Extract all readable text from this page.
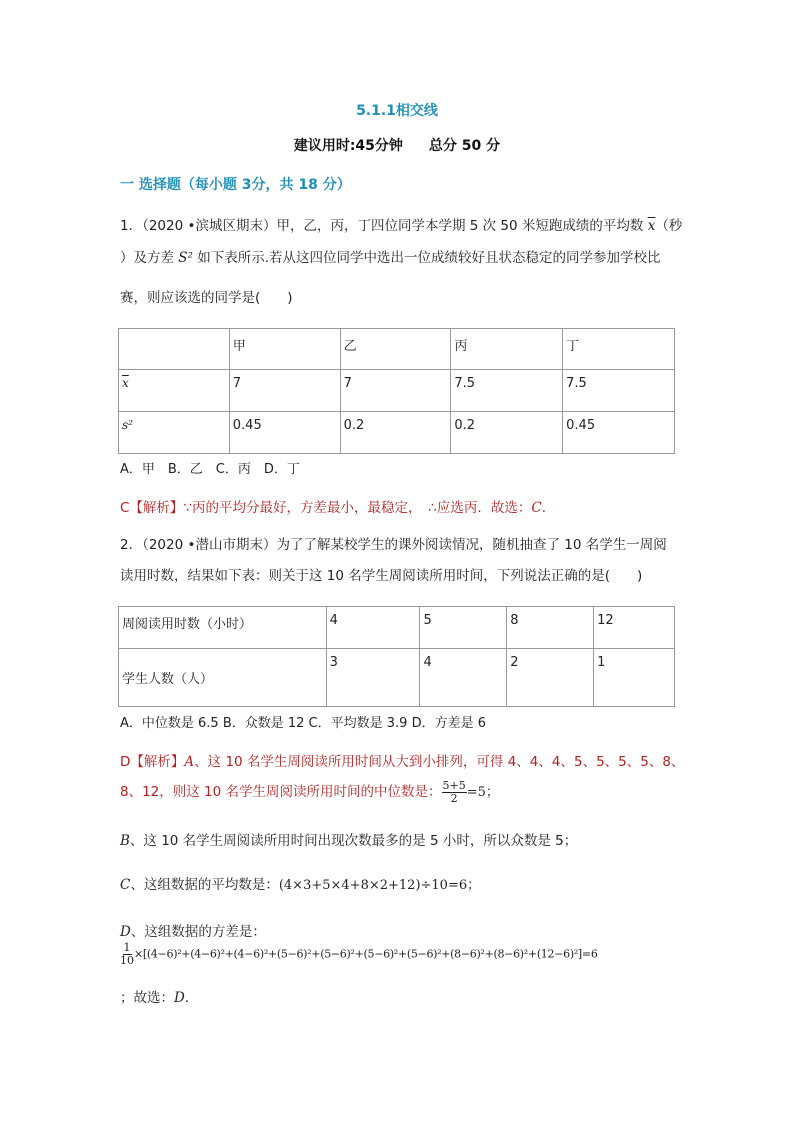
5.1.1相交线
建议用时:45分钟 总分 50 分
一 选择题（每小题 3分，共 18 分）
1．（2020 •滨城区期末）甲，乙，丙，丁四位同学本学期 5 次 50 米短跑成绩的平均数 $\overline{x}$（秒
）及方差 S² 如下表所示.若从这四位同学中选出一位成绩较好且状态稳定的同学参加学校比
赛，则应该选的同学是(　　)
	甲	乙	丙	丁
$\overline{x}$	7	7	7.5	7.5
s²	0.45	0.2	0.2	0.45
A．甲　B．乙　C．丙　D．丁
C【解析】∵丙的平均分最好，方差最小，最稳定，　∴应选丙．故选：C．
2．（2020 •潜山市期末）为了了解某校学生的课外阅读情况，随机抽查了 10 名学生一周阅
读用时数，结果如下表：则关于这 10 名学生周阅读所用时间，下列说法正确的是(　　)
周阅读用时数（小时）	4	5	8	12
学生人数（人）	3	4	2	1
A．中位数是 6.5 B．众数是 12 C．平均数是 3.9 D．方差是 6
D【解析】A、这 10 名学生周阅读所用时间从大到小排列，可得 4、4、4、5、5、5、5、8、
8、12，则这 10 名学生周阅读所用时间的中位数是： $\frac{5+5}{2} =5$；
B、这 10 名学生周阅读所用时间出现次数最多的是 5 小时，所以众数是 5；
C、这组数据的平均数是：(4×3+5×4+8×2+12)÷10=6；
D、这组数据的方差是：
$\frac{1}{10} \times[(4-6)^2+(4-6)^2+(4-6)^2+(5-6)^2+(5-6)^2+(5-6)^2+(5-6)^2+(8-6)^2+(8-6)^2+(12-6)^2]=6$
；故选：D．
